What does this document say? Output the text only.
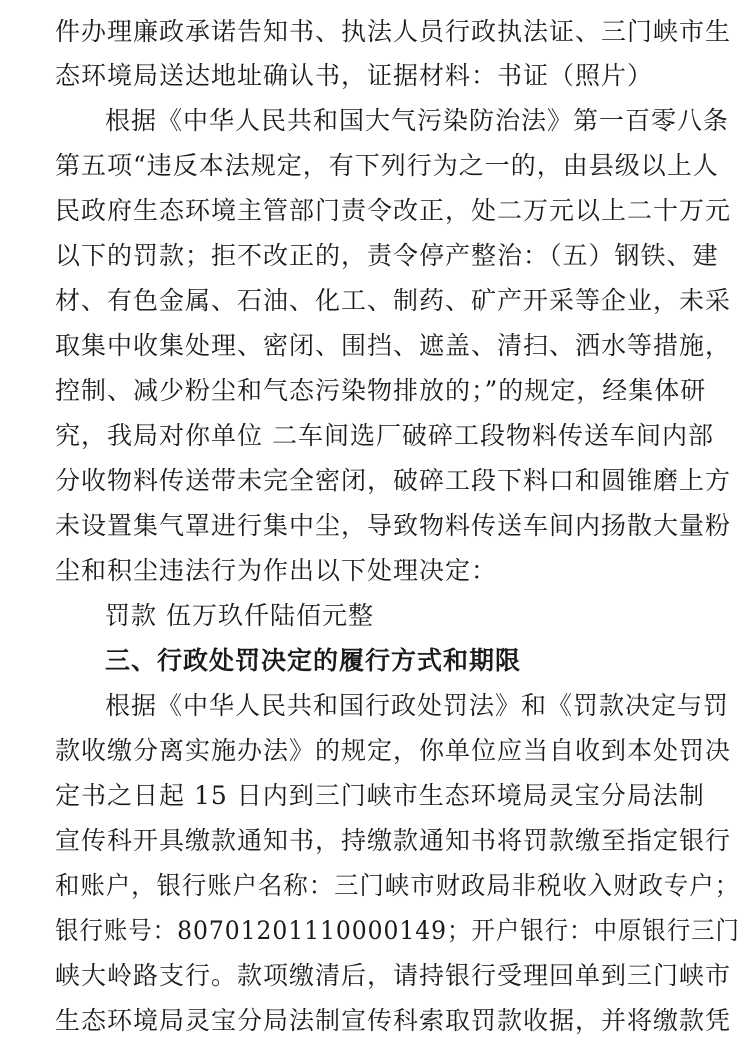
件办理廉政承诺告知书、执法人员行政执法证、三门峡市生
态环境局送达地址确认书，证据材料：书证（照片）
根据《中华人民共和国大气污染防治法》第一百零八条
第五项“违反本法规定，有下列行为之一的，由县级以上人
民政府生态环境主管部门责令改正，处二万元以上二十万元
以下的罚款；拒不改正的，责令停产整治：（五）钢铁、建
材、有色金属、石油、化工、制药、矿产开采等企业，未采
取集中收集处理、密闭、围挡、遮盖、清扫、洒水等措施，
控制、减少粉尘和气态污染物排放的；”的规定，经集体研
究，我局对你单位 二车间选厂破碎工段物料传送车间内部
分收物料传送带未完全密闭，破碎工段下料口和圆锥磨上方
未设置集气罩进行集中尘，导致物料传送车间内扬散大量粉
尘和积尘违法行为作出以下处理决定：
罚款 伍万玖仟陆佰元整
三、行政处罚决定的履行方式和期限
根据《中华人民共和国行政处罚法》和《罚款决定与罚
款收缴分离实施办法》的规定，你单位应当自收到本处罚决
定书之日起 15 日内到三门峡市生态环境局灵宝分局法制
宣传科开具缴款通知书，持缴款通知书将罚款缴至指定银行
和账户，银行账户名称：三门峡市财政局非税收入财政专户；
银行账号：80701201110000149；开户银行：中原银行三门
峡大岭路支行。款项缴清后，请持银行受理回单到三门峡市
生态环境局灵宝分局法制宣传科索取罚款收据，并将缴款凭
